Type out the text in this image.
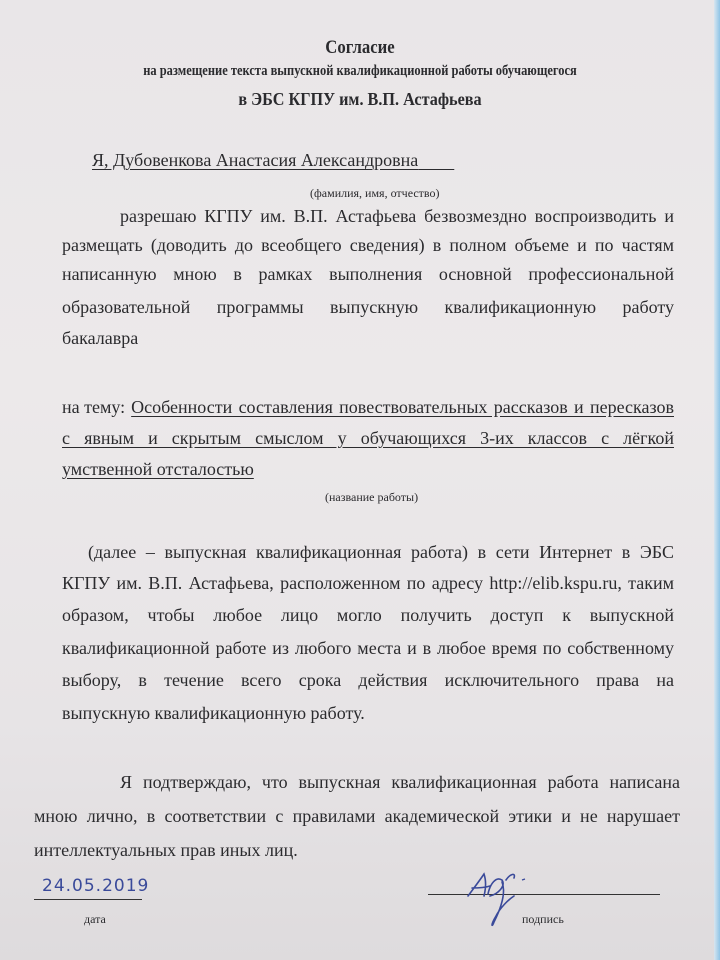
Согласие
на размещение текста выпускной квалификационной работы обучающегося
в ЭБС КГПУ им. В.П. Астафьева
Я, Дубовенкова Анастасия Александровна
(фамилия, имя, отчество)
разрешаю КГПУ им. В.П. Астафьева безвозмездно воспроизводить и
размещать (доводить до всеобщего сведения) в полном объеме и по частям
написанную мною в рамках выполнения основной профессиональной
образовательной программы выпускную квалификационную работу
бакалавра
на тему: Особенности составления повествовательных рассказов и пересказов
с явным и скрытым смыслом у обучающихся 3-их классов с лёгкой
умственной отсталостью
(название работы)
(далее – выпускная квалификационная работа) в сети Интернет в ЭБС
КГПУ им. В.П. Астафьева, расположенном по адресу http://elib.kspu.ru, таким
образом, чтобы любое лицо могло получить доступ к выпускной
квалификационной работе из любого места и в любое время по собственному
выбору, в течение всего срока действия исключительного права на
выпускную квалификационную работу.
Я подтверждаю, что выпускная квалификационная работа написана
мною лично, в соответствии с правилами академической этики и не нарушает
интеллектуальных прав иных лиц.
24.05.2019
дата	подпись
